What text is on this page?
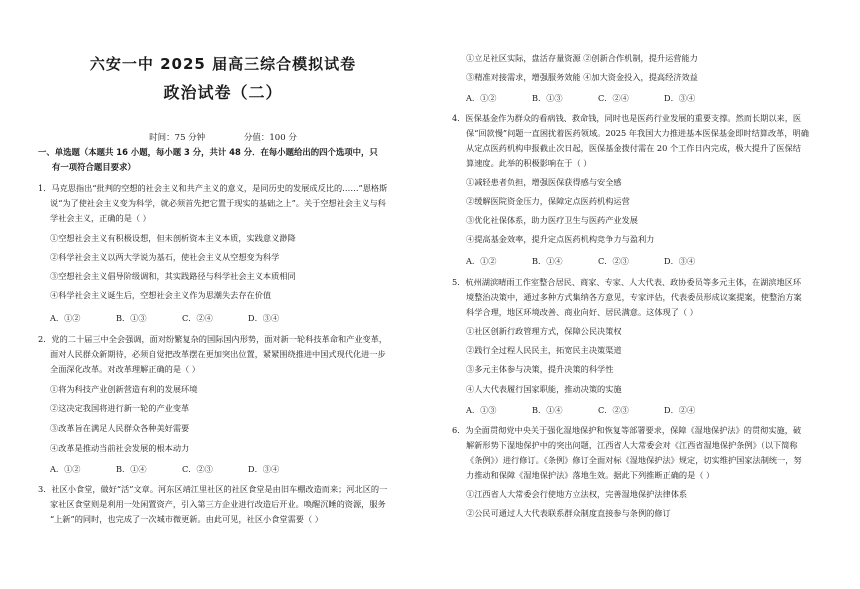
六安一中 2025 届高三综合模拟试卷
政治试卷（二）
时间：75 分钟	分值：100 分
一、单选题（本题共 16 小题，每小题 3 分，共计 48 分．在每小题给出的四个选项中，只
有一项符合题目要求）
1．马克思指出“批判的空想的社会主义和共产主义的意义，是同历史的发展成反比的……”恩格斯
说“为了使社会主义变为科学，就必须首先把它置于现实的基础之上”。关于空想社会主义与科
学社会主义，正确的是（ ）
①空想社会主义有积极设想，但未剖析资本主义本质，实践意义渺降
②科学社会主义以两大学说为基石，使社会主义从空想变为科学
③空想社会主义倡导阶级调和，其实践路径与科学社会主义本质相同
④科学社会主义诞生后，空想社会主义作为思潮失去存在价值
A．①②	B．①③	C．②④	D．③④
2．党的二十届三中全会强调，面对纷繁复杂的国际国内形势，面对新一轮科技革命和产业变革，
面对人民群众新期待，必须自觉把改革摆在更加突出位置，紧紧围绕推进中国式现代化进一步
全面深化改革。对改革理解正确的是（ ）
①将为科技产业创新营造有利的发展环境
②这决定我国将进行新一轮的产业变革
③改革旨在满足人民群众各种美好需要
④改革是推动当前社会发展的根本动力
A．①②	B．①④	C．②③	D．③④
3．社区小食堂，做好“活”文章。河东区靖江里社区的社区食堂是由旧车棚改造而来；河北区的一
家社区食堂则是利用一处闲置资产，引入第三方企业进行改造后开业。唤醒沉睡的资源，服务
“上新”的同时，也完成了一次城市微更新。由此可见，社区小食堂需要（ ）
①立足社区实际，盘活存量资源 ②创新合作机制，提升运营能力
③精准对接需求，增强服务效能 ④加大资金投入，提高经济效益
A．①②	B．①③	C．②④	D．③④
4．医保基金作为群众的看病钱、救命钱，同时也是医药行业发展的重要支撑。然而长期以来，医
保“回款慢”问题一直困扰着医药领域。2025 年我国大力推进基本医保基金即时结算改革，明确
从定点医药机构申报截止次日起，医保基金拨付需在 20 个工作日内完成，极大提升了医保结
算速度。此举的积极影响在于（ ）
①减轻患者负担，增强医保获得感与安全感
②缓解医院资金压力，保障定点医药机构运营
③优化社保体系，助力医疗卫生与医药产业发展
④提高基金效率，提升定点医药机构竞争力与盈利力
A．①②	B．①④	C．②③	D．③④
5．杭州湖滨晴雨工作室整合居民、商家、专家、人大代表、政协委员等多元主体，在湖滨地区环
境整治决策中，通过多种方式集纳各方意见，专家评估，代表委员形成议案提案，使整治方案
科学合理，地区环境改善、商业向好、居民满意。这体现了（ ）
①社区创新行政管理方式，保障公民决策权
②践行全过程人民民主，拓宽民主决策渠道
③多元主体参与决策，提升决策的科学性
④人大代表履行国家职能，推动决策的实施
A．①③	B．①④	C．②③	D．②④
6．为全面贯彻党中央关于强化湿地保护和恢复等部署要求，保障《湿地保护法》的贯彻实施，破
解新形势下湿地保护中的突出问题，江西省人大常委会对《江西省湿地保护条例》（以下简称
《条例》）进行修订。《条例》修订全面对标《湿地保护法》规定，切实维护国家法制统一，努
力推动和保障《湿地保护法》落地生效。据此下列推断正确的是（ ）
①江西省人大常委会行使地方立法权，完善湿地保护法律体系
②公民可通过人大代表联系群众制度直接参与条例的修订
